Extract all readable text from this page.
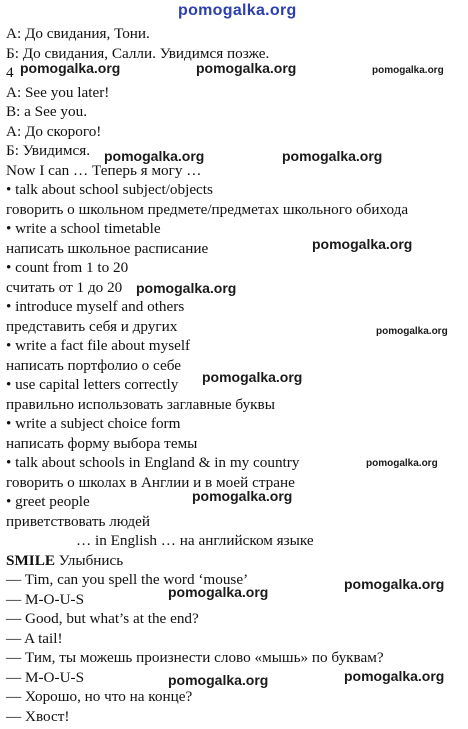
pomogalka.org
pomogalka.org	pomogalka.org	pomogalka.org
pomogalka.org	pomogalka.org
pomogalka.org
pomogalka.org
pomogalka.org
pomogalka.org
pomogalka.org
pomogalka.org
pomogalka.org
pomogalka.org
pomogalka.org
pomogalka.org
А: До свидания, Тони.
Б: До свидания, Салли. Увидимся позже.
4
A: See you later!
B: a See you.
А: До скорого!
Б: Увидимся.
Now I can … Теперь я могу …
• talk about school subject/objects
говорить о школьном предмете/предметах школьного обихода
• write a school timetable
написать школьное расписание
• count from 1 to 20
считать от 1 до 20
• introduce myself and others
представить себя и других
• write a fact file about myself
написать портфолио о себе
• use capital letters correctly
правильно использовать заглавные буквы
• write a subject choice form
написать форму выбора темы
• talk about schools in England & in my country
говорить о школах в Англии и в моей стране
• greet people
приветствовать людей
… in English … на английском языке
SMILE Улыбнись
— Tim, can you spell the word ‘mouse’
— M-O-U-S
— Good, but what’s at the end?
— A tail!
— Тим, ты можешь произнести слово «мышь» по буквам?
— M-O-U-S
— Хорошо, но что на конце?
— Хвост!
